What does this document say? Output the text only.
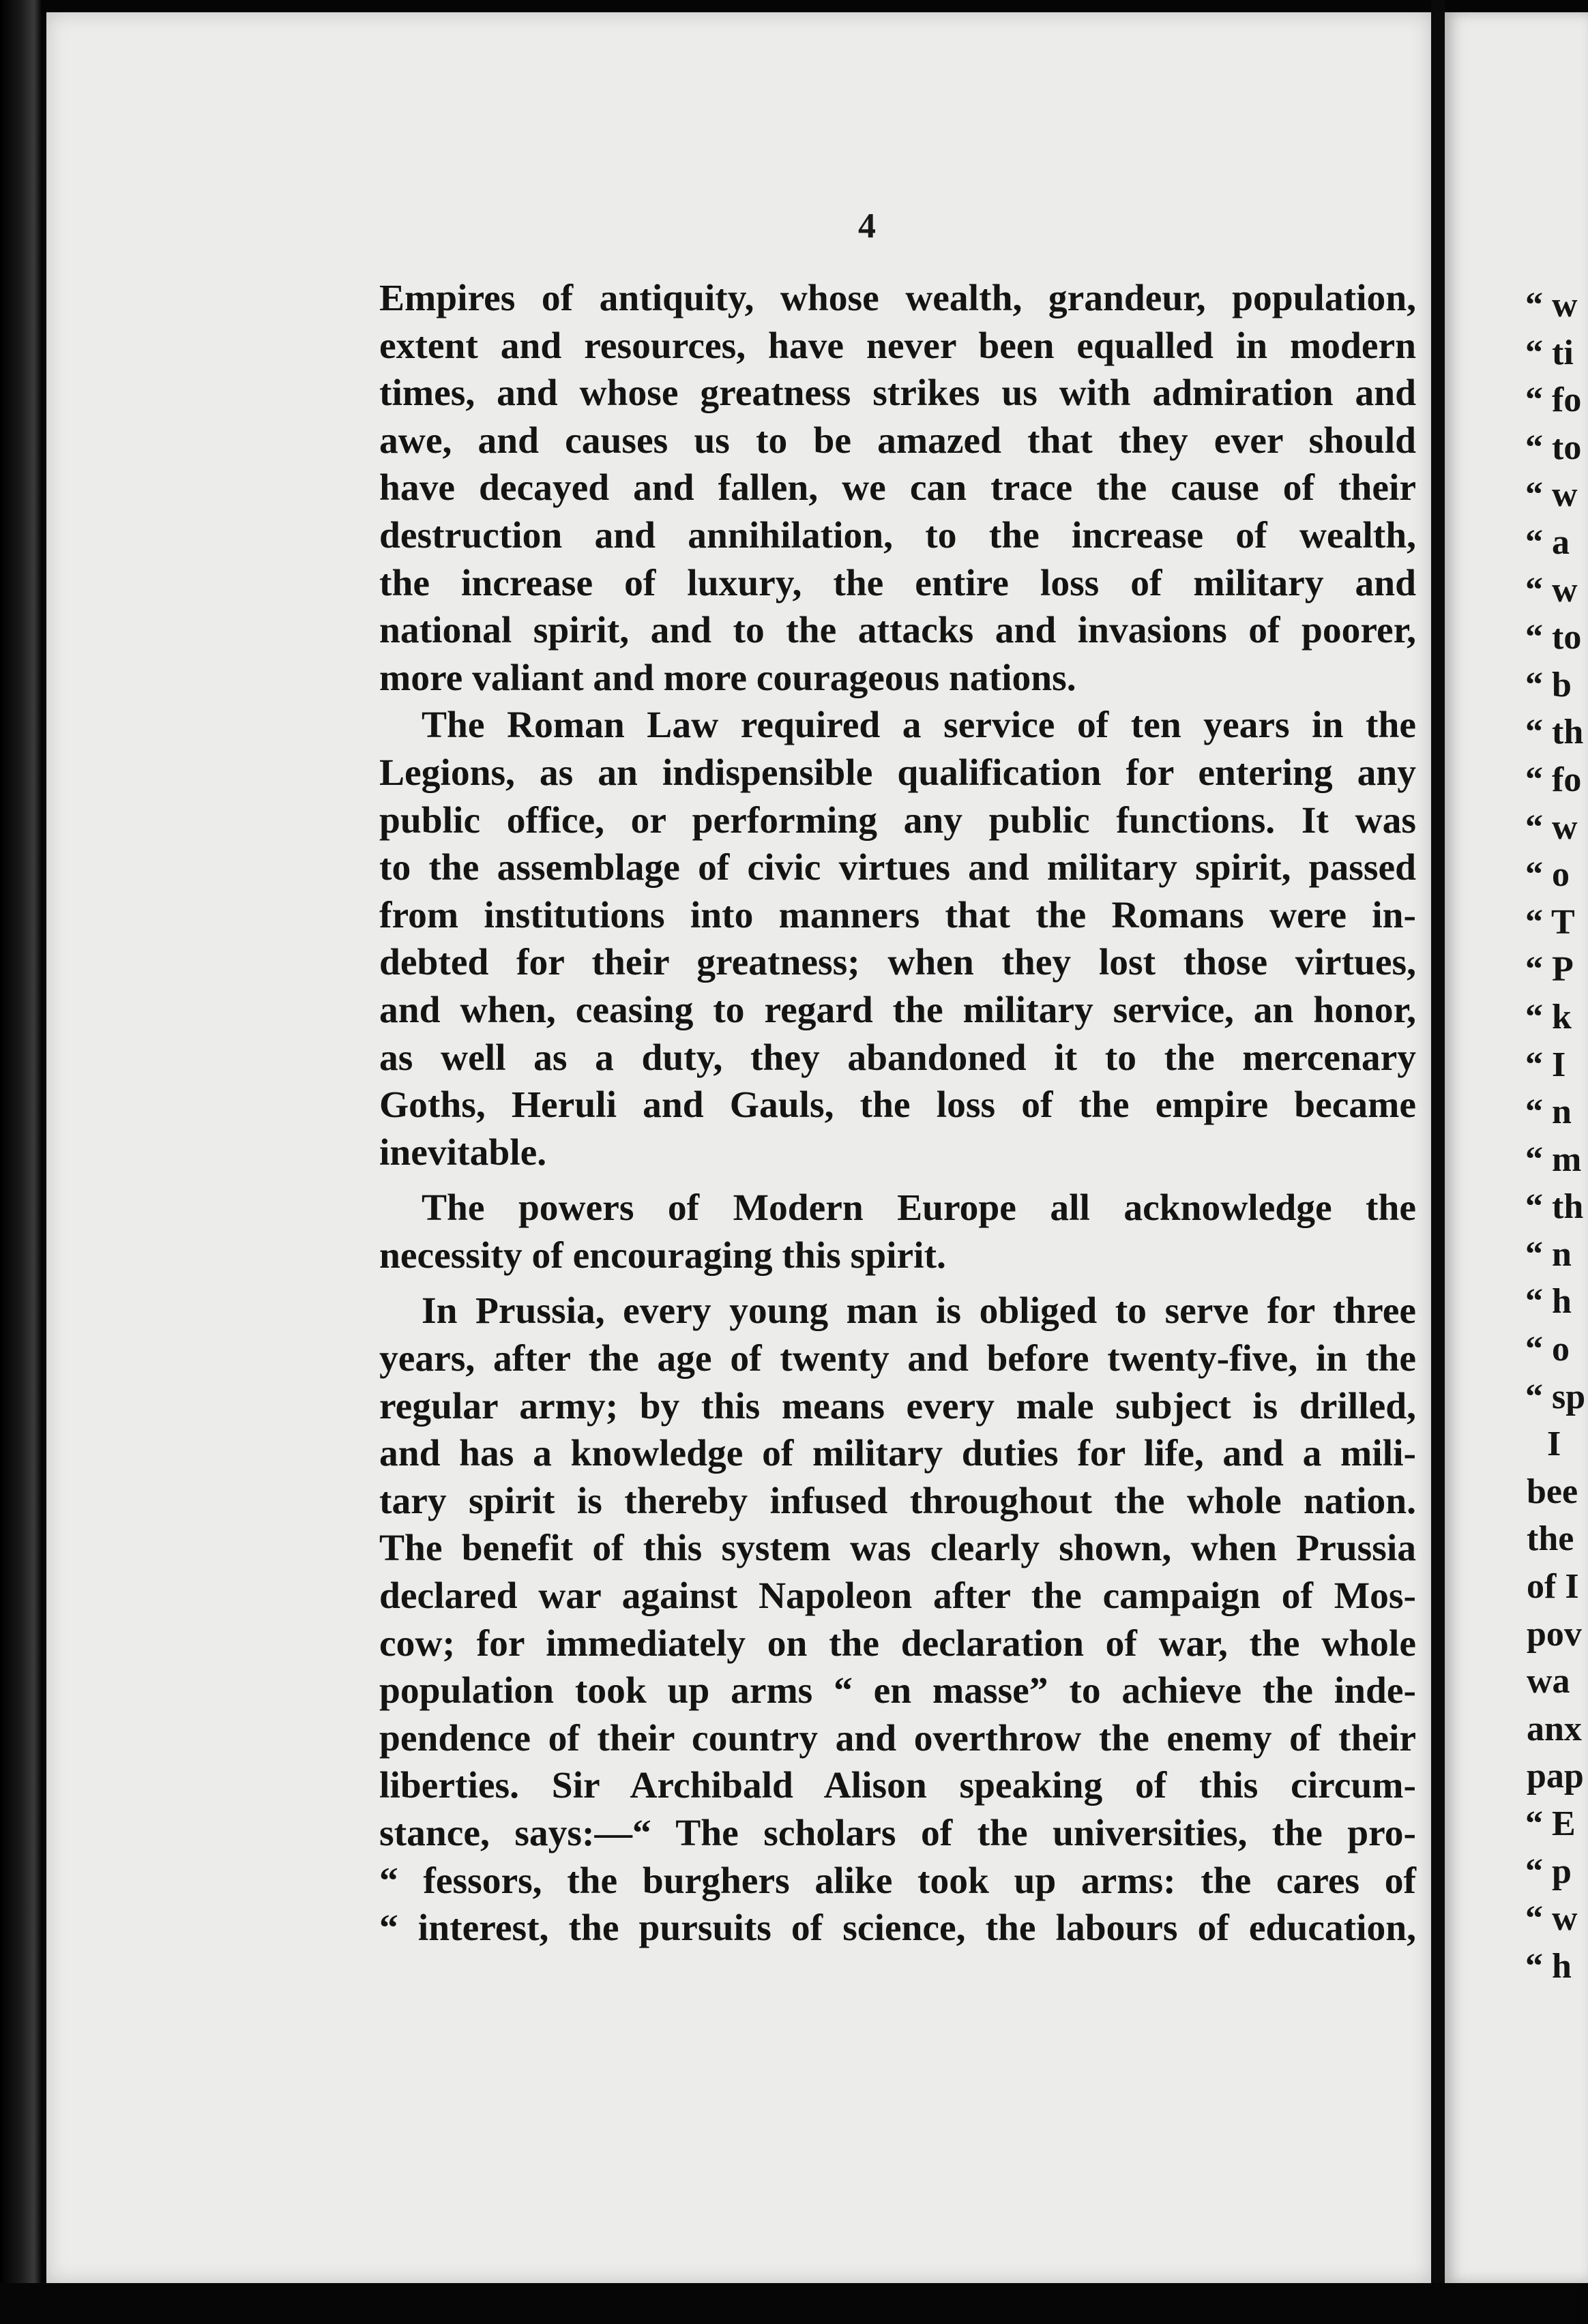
4
Empires of antiquity, whose wealth, grandeur, population,
extent and resources, have never been equalled in modern
times, and whose greatness strikes us with admiration and
awe, and causes us to be amazed that they ever should
have decayed and fallen, we can trace the cause of their
destruction and annihilation, to the increase of wealth,
the increase of luxury, the entire loss of military and
national spirit, and to the attacks and invasions of poorer,
more valiant and more courageous nations.
The Roman Law required a service of ten years in the
Legions, as an indispensible qualification for entering any
public office, or performing any public functions. It was
to the assemblage of civic virtues and military spirit, passed
from institutions into manners that the Romans were in-
debted for their greatness; when they lost those virtues,
and when, ceasing to regard the military service, an honor,
as well as a duty, they abandoned it to the mercenary
Goths, Heruli and Gauls, the loss of the empire became
inevitable.
The powers of Modern Europe all acknowledge the
necessity of encouraging this spirit.
In Prussia, every young man is obliged to serve for three
years, after the age of twenty and before twenty-five, in the
regular army; by this means every male subject is drilled,
and has a knowledge of military duties for life, and a mili-
tary spirit is thereby infused throughout the whole nation.
The benefit of this system was clearly shown, when Prussia
declared war against Napoleon after the campaign of Mos-
cow; for immediately on the declaration of war, the whole
population took up arms “ en masse” to achieve the inde-
pendence of their country and overthrow the enemy of their
liberties. Sir Archibald Alison speaking of this circum-
stance, says:—“ The scholars of the universities, the pro-
“ fessors, the burghers alike took up arms: the cares of
“ interest, the pursuits of science, the labours of education,
“ w
“ ti
“ fo
“ to
“ w
“ a
“ w
“ to
“ b
“ th
“ fo
“ w
“ o
“ T
“ P
“ k
“ I
“ n
“ m
“ th
“ n
“ h
“ o
“ sp
I
bee
the
of I
pov
wa
anx
pap
“ E
“ p
“ w
“ h
